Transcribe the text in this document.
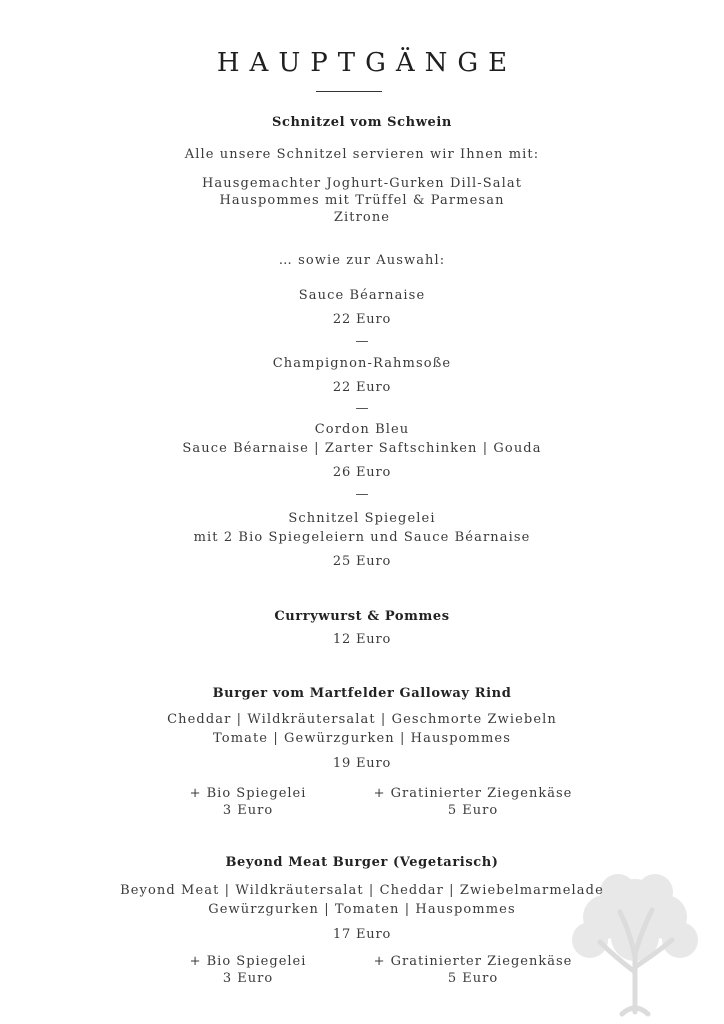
HAUPTGÄNGE
Schnitzel vom Schwein
Alle unsere Schnitzel servieren wir Ihnen mit:
Hausgemachter Joghurt-Gurken Dill-Salat
Hauspommes mit Trüffel & Parmesan
Zitrone
… sowie zur Auswahl:
Sauce Béarnaise
22 Euro
—
Champignon-Rahmsoße
22 Euro
—
Cordon Bleu
Sauce Béarnaise | Zarter Saftschinken | Gouda
26 Euro
—
Schnitzel Spiegelei
mit 2 Bio Spiegeleiern und Sauce Béarnaise
25 Euro
Currywurst & Pommes
12 Euro
Burger vom Martfelder Galloway Rind
Cheddar | Wildkräutersalat | Geschmorte Zwiebeln
Tomate | Gewürzgurken | Hauspommes
19 Euro
+ Bio Spiegelei
3 Euro
+ Gratinierter Ziegenkäse
5 Euro
Beyond Meat Burger (Vegetarisch)
Beyond Meat | Wildkräutersalat | Cheddar | Zwiebelmarmelade
Gewürzgurken | Tomaten | Hauspommes
17 Euro
+ Bio Spiegelei
3 Euro
+ Gratinierter Ziegenkäse
5 Euro
